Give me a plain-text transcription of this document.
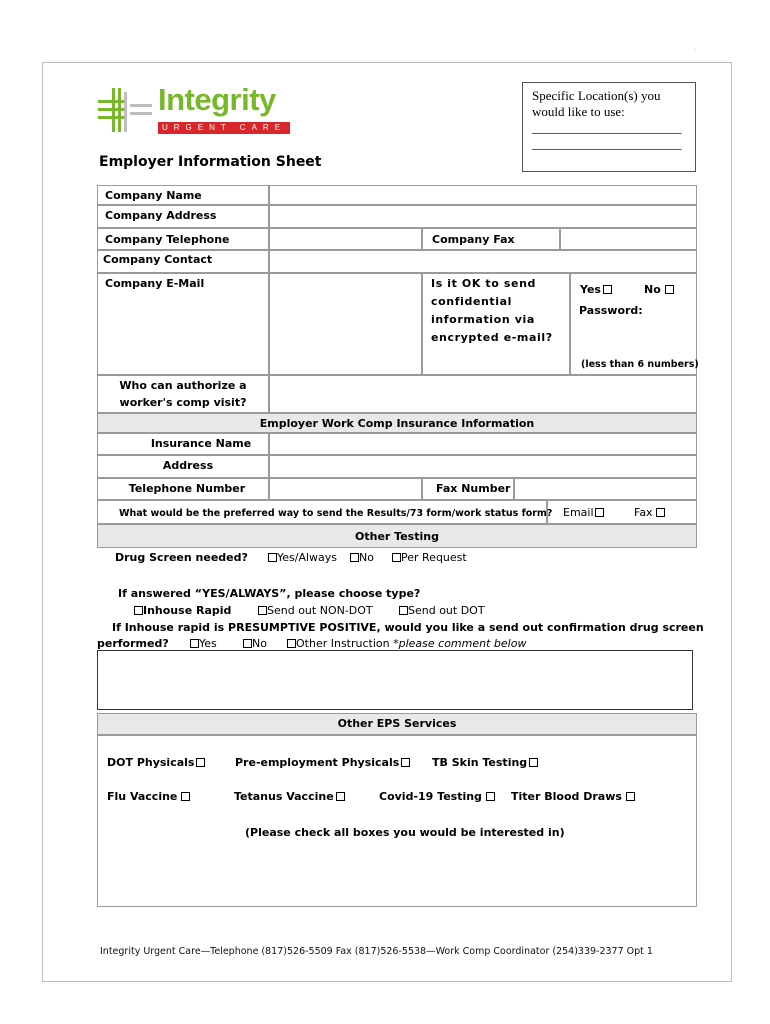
.
Integrity
URGENT CARE
Specific Location(s) you
would like to use:
_______________________
_______________________
Employer Information Sheet
Company Name
Company Address
Company Telephone	Company Fax
Company Contact
Company E-Mail	Is it OK to send
confidential
information via
encrypted e-mail?
Yes	No
Password:
(less than 6 numbers)
Who can authorize a
worker's comp visit?
Employer Work Comp Insurance Information
Insurance Name
Address
Telephone Number	Fax Number
What would be the preferred way to send the Results/73 form/work status form? Email	Fax
Other Testing
Drug Screen needed?	Yes/Always	No	Per Request
If answered “YES/ALWAYS”, please choose type?
Inhouse Rapid	Send out NON-DOT	Send out DOT
If Inhouse rapid is PRESUMPTIVE POSITIVE, would you like a send out confirmation drug screen
performed?	Yes	No	Other Instruction *please comment below
Other EPS Services
DOT Physicals	Pre-employment Physicals	TB Skin Testing
Flu Vaccine	Tetanus Vaccine	Covid-19 Testing	Titer Blood Draws
(Please check all boxes you would be interested in)
Integrity Urgent Care—Telephone (817)526-5509 Fax (817)526-5538—Work Comp Coordinator (254)339-2377 Opt 1
